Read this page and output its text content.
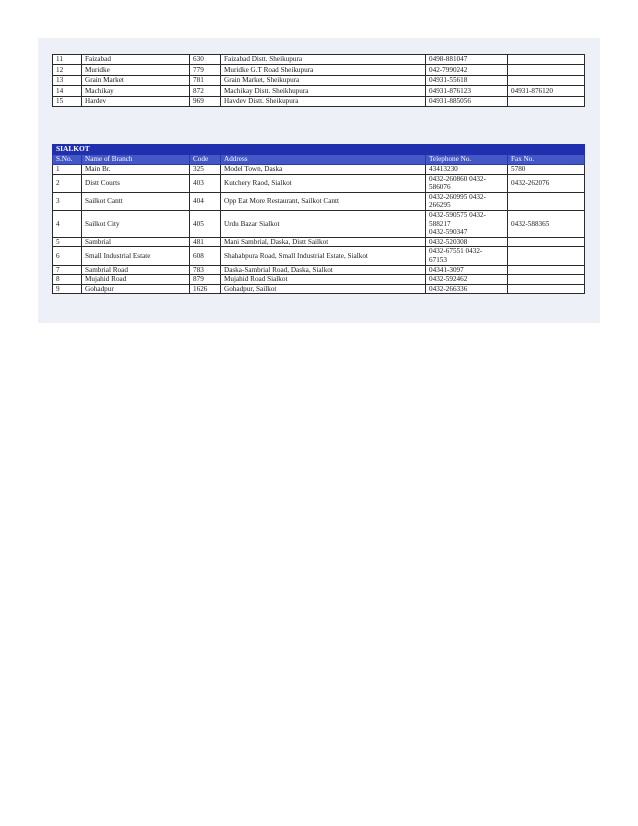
11	Faizabad	630	Faizabad Distt. Sheikupura	0498-881047	
12	Muridke	779	Muridke G.T Road Sheikupura	042-7990242	
13	Grain Market	781	Grain Market, Sheikupura	04931-55618	
14	Machikay	872	Machikay Distt. Sheikhupura	04931-876123	04931-876120
15	Hardev	969	Havdev Distt. Sheikupura	04931-885056	
SIALKOT					
S.No.	Name of Branch	Code	Address	Telephone No.	Fax No.
1	Main Br.	325	Model Town, Daska	43413230	5780
2	Distt Courts	403	Kutchery Raod, Sialkot	0432-260860 0432-
586076	0432-262076
3	Sailkot Cantt	404	Opp Eat More Restaurant, Sailkot Cantt	0432-260995 0432-
266295	
4	Sailkot City	405	Urdu Bazar Sialkot	0432-590575 0432-
588217
0432-590347	0432-588365
5	Sambrial	481	Mani Sambrial, Daska, Distt Sailkot	0432-520308	
6	Small Industrial Estate	608	Shahabpura Road, Small Industrial Estate, Sialkot	0432-67551 0432-
67153	
7	Sambrial Road	783	Daska-Sambrial Road, Daska, Sialkot	04341-3097	
8	Mujahid Road	879	Mujahid Road Sialkot	0432-592462	
9	Gohadpur	1626	Gohadpur, Sailkot	0432-266336	
